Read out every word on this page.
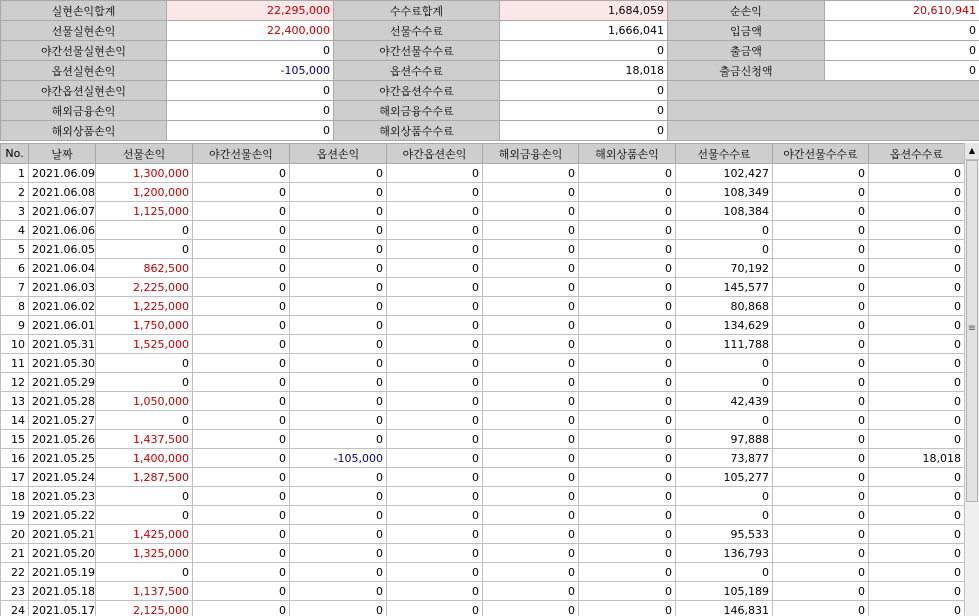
실현손익합계	22,295,000	수수료합계	1,684,059	순손익	20,610,941
선물실현손익	22,400,000	선물수수료	1,666,041	입금액	0
야간선물실현손익	0	야간선물수수료	0	출금액	0
옵션실현손익	-105,000	옵션수수료	18,018	출금신청액	0
야간옵션실현손익	0	야간옵션수수료	0		
해외금융손익	0	해외금융수수료	0		
해외상품손익	0	해외상품수수료	0		
No.	날짜	선물손익	야간선물손익	옵션손익	야간옵션손익	해외금융손익	해외상품손익	선물수수료	야간선물수수료	옵션수수료
1	2021.06.09	1,300,000	0	0	0	0	0	102,427	0	0
2	2021.06.08	1,200,000	0	0	0	0	0	108,349	0	0
3	2021.06.07	1,125,000	0	0	0	0	0	108,384	0	0
4	2021.06.06	0	0	0	0	0	0	0	0	0
5	2021.06.05	0	0	0	0	0	0	0	0	0
6	2021.06.04	862,500	0	0	0	0	0	70,192	0	0
7	2021.06.03	2,225,000	0	0	0	0	0	145,577	0	0
8	2021.06.02	1,225,000	0	0	0	0	0	80,868	0	0
9	2021.06.01	1,750,000	0	0	0	0	0	134,629	0	0
10	2021.05.31	1,525,000	0	0	0	0	0	111,788	0	0
11	2021.05.30	0	0	0	0	0	0	0	0	0
12	2021.05.29	0	0	0	0	0	0	0	0	0
13	2021.05.28	1,050,000	0	0	0	0	0	42,439	0	0
14	2021.05.27	0	0	0	0	0	0	0	0	0
15	2021.05.26	1,437,500	0	0	0	0	0	97,888	0	0
16	2021.05.25	1,400,000	0	-105,000	0	0	0	73,877	0	18,018
17	2021.05.24	1,287,500	0	0	0	0	0	105,277	0	0
18	2021.05.23	0	0	0	0	0	0	0	0	0
19	2021.05.22	0	0	0	0	0	0	0	0	0
20	2021.05.21	1,425,000	0	0	0	0	0	95,533	0	0
21	2021.05.20	1,325,000	0	0	0	0	0	136,793	0	0
22	2021.05.19	0	0	0	0	0	0	0	0	0
23	2021.05.18	1,137,500	0	0	0	0	0	105,189	0	0
24	2021.05.17	2,125,000	0	0	0	0	0	146,831	0	0
▲
≡
